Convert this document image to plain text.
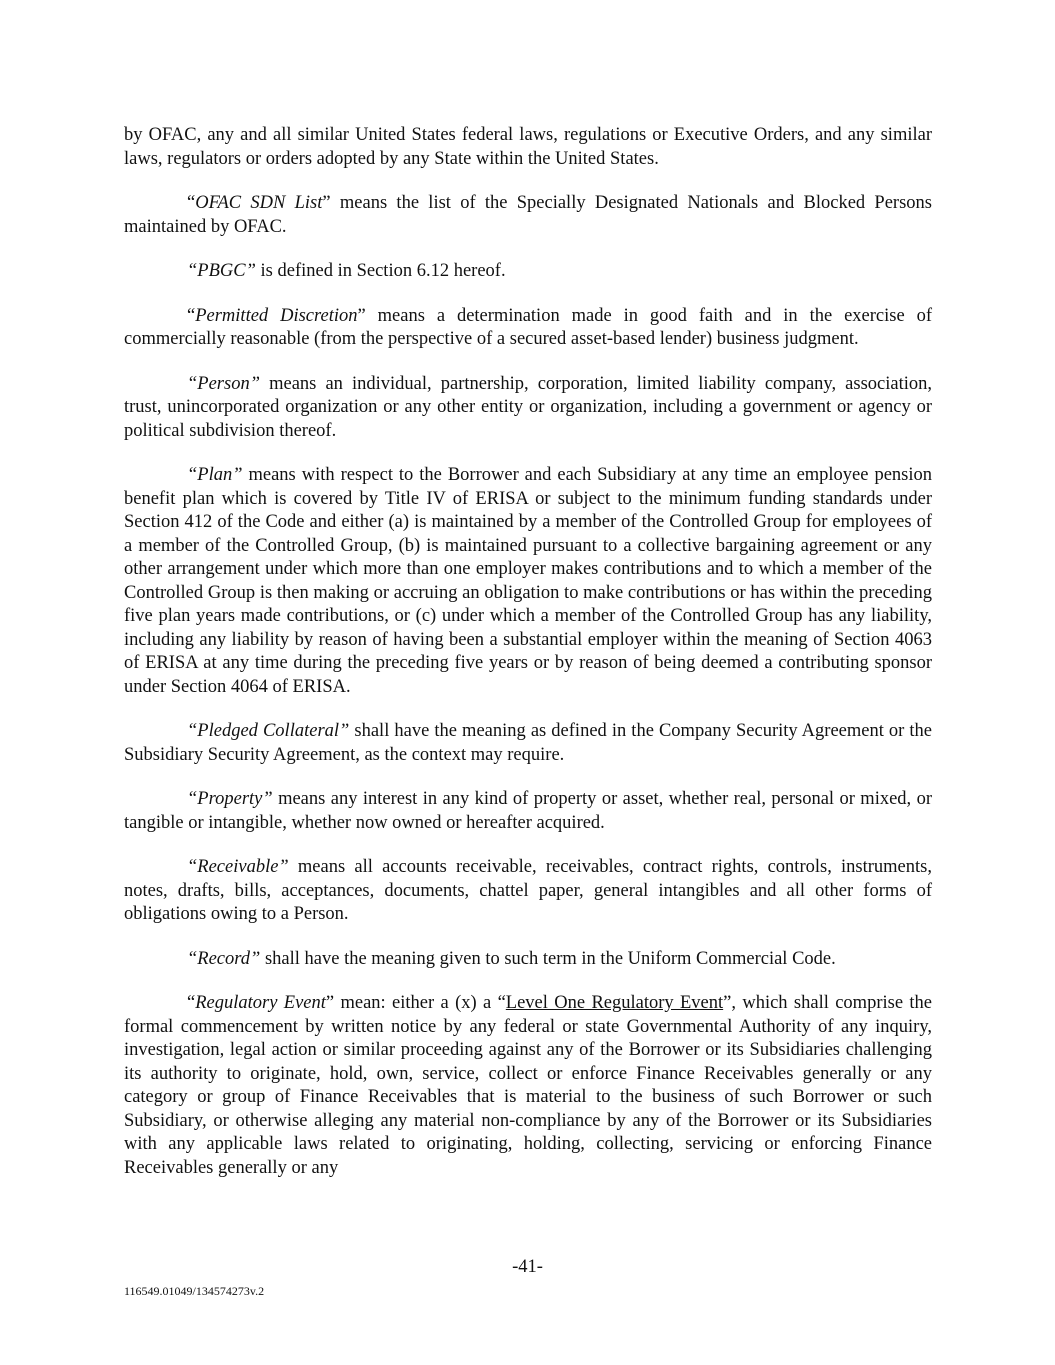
by OFAC, any and all similar United States federal laws, regulations or Executive Orders, and any similar laws, regulators or orders adopted by any State within the United States.

“OFAC SDN List” means the list of the Specially Designated Nationals and Blocked Persons maintained by OFAC.

“PBGC” is defined in Section 6.12 hereof.

“Permitted Discretion” means a determination made in good faith and in the exercise of commercially reasonable (from the perspective of a secured asset-based lender) business judgment.

“Person” means an individual, partnership, corporation, limited liability company, association, trust, unincorporated organization or any other entity or organization, including a government or agency or political subdivision thereof.

“Plan” means with respect to the Borrower and each Subsidiary at any time an employee pension benefit plan which is covered by Title IV of ERISA or subject to the minimum funding standards under Section 412 of the Code and either (a) is maintained by a member of the Controlled Group for employees of a member of the Controlled Group, (b) is maintained pursuant to a collective bargaining agreement or any other arrangement under which more than one employer makes contributions and to which a member of the Controlled Group is then making or accruing an obligation to make contributions or has within the preceding five plan years made contributions, or (c) under which a member of the Controlled Group has any liability, including any liability by reason of having been a substantial employer within the meaning of Section 4063 of ERISA at any time during the preceding five years or by reason of being deemed a contributing sponsor under Section 4064 of ERISA.

“Pledged Collateral” shall have the meaning as defined in the Company Security Agreement or the Subsidiary Security Agreement, as the context may require.

“Property” means any interest in any kind of property or asset, whether real, personal or mixed, or tangible or intangible, whether now owned or hereafter acquired.

“Receivable” means all accounts receivable, receivables, contract rights, controls, instruments, notes, drafts, bills, acceptances, documents, chattel paper, general intangibles and all other forms of obligations owing to a Person.

“Record” shall have the meaning given to such term in the Uniform Commercial Code.

“Regulatory Event” mean: either a (x) a “Level One Regulatory Event”, which shall comprise the formal commencement by written notice by any federal or state Governmental Authority of any inquiry, investigation, legal action or similar proceeding against any of the Borrower or its Subsidiaries challenging its authority to originate, hold, own, service, collect or enforce Finance Receivables generally or any category or group of Finance Receivables that is material to the business of such Borrower or such Subsidiary, or otherwise alleging any material non-compliance by any of the Borrower or its Subsidiaries with any applicable laws related to originating, holding, collecting, servicing or enforcing Finance Receivables generally or any

-41-
116549.01049/134574273v.2
